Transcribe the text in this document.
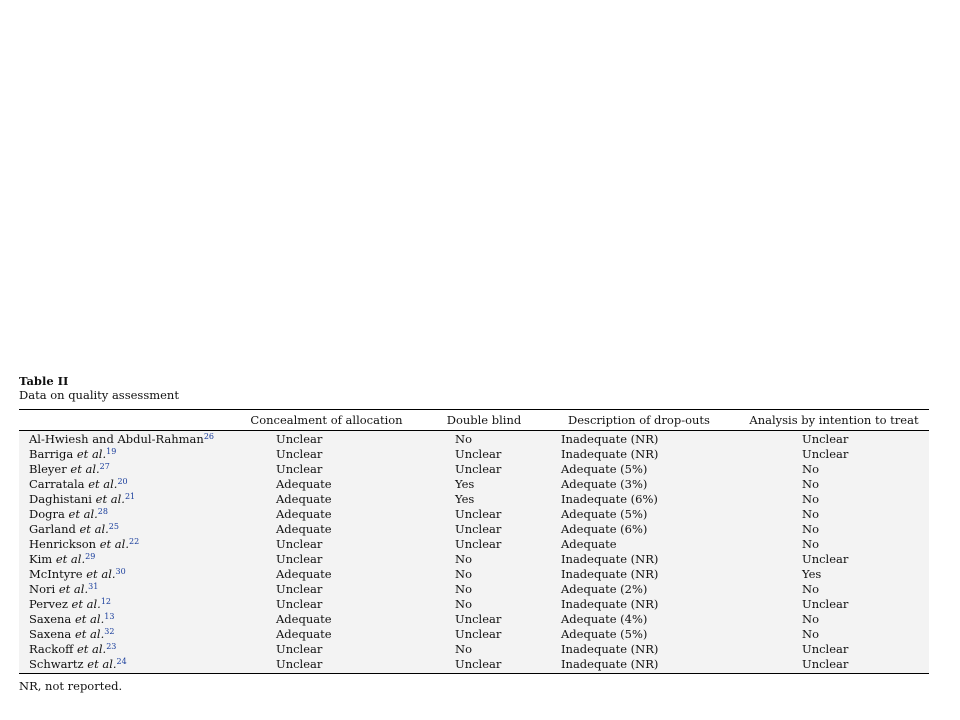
Table II
Data on quality assessment
	Concealment of allocation	Double blind	Description of drop-outs	Analysis by intention to treat
Al-Hwiesh and Abdul-Rahman$^{26}$	Unclear	No	Inadequate (NR)	Unclear
Barriga et al.$^{19}$	Unclear	Unclear	Inadequate (NR)	Unclear
Bleyer et al.$^{27}$	Unclear	Unclear	Adequate (5%)	No
Carratala et al.$^{20}$	Adequate	Yes	Adequate (3%)	No
Daghistani et al.$^{21}$	Adequate	Yes	Inadequate (6%)	No
Dogra et al.$^{28}$	Adequate	Unclear	Adequate (5%)	No
Garland et al.$^{25}$	Adequate	Unclear	Adequate (6%)	No
Henrickson et al.$^{22}$	Unclear	Unclear	Adequate	No
Kim et al.$^{29}$	Unclear	No	Inadequate (NR)	Unclear
McIntyre et al.$^{30}$	Adequate	No	Inadequate (NR)	Yes
Nori et al.$^{31}$	Unclear	No	Adequate (2%)	No
Pervez et al.$^{12}$	Unclear	No	Inadequate (NR)	Unclear
Saxena et al.$^{13}$	Adequate	Unclear	Adequate (4%)	No
Saxena et al.$^{32}$	Adequate	Unclear	Adequate (5%)	No
Rackoff et al.$^{23}$	Unclear	No	Inadequate (NR)	Unclear
Schwartz et al.$^{24}$	Unclear	Unclear	Inadequate (NR)	Unclear
NR, not reported.
